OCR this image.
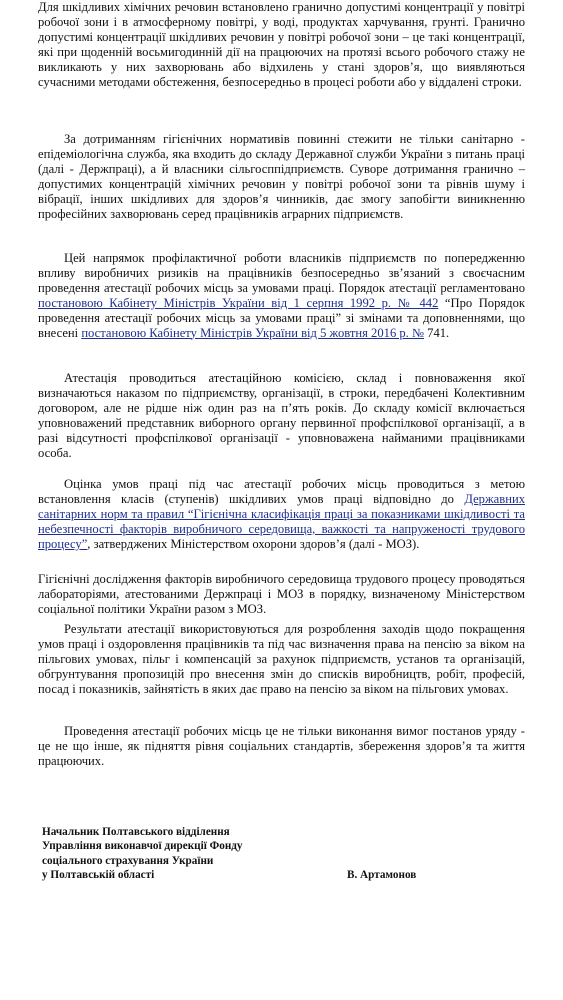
Для шкідливих хімічних речовин встановлено гранично допустимі концентрації у повітрі робочої зони і в атмосферному повітрі, у воді, продуктах харчування, грунті. Гранично допустимі концентрації шкідливих речовин у повітрі робочої зони – це такі концентрації, які при щоденній восьмигодинній дії на працюючих на протязі всього робочого стажу не викликають у них захворювань або відхилень у стані здоров’я, що виявляються сучасними методами обстеження, безпосередньо в процесі роботи або у віддалені строки.

За дотриманням гігієнічних нормативів повинні стежити не тільки санітарно - епідеміологічна служба, яка входить до складу Державної служби України з питань праці (далі - Держпраці), а й власники сільгосппідприємств. Суворе дотримання гранично – допустимих концентрацій хімічних речовин у повітрі робочої зони та рівнів шуму і вібрації, інших шкідливих для здоров’я чинників, дає змогу запобігти виникненню професійних захворювань серед працівників аграрних підприємств.

Цей напрямок профілактичної роботи власників підприємств по попередженню впливу виробничих ризиків на працівників безпосередньо зв’язаний з своєчасним проведення атестації робочих місць за умовами праці. Порядок атестації регламентовано постановою Кабінету Міністрів України від 1 серпня 1992 р. № 442 “Про Порядок проведення атестації робочих місць за умовами праці” зі змінами та доповненнями, що внесені постановою Кабінету Міністрів України від 5 жовтня 2016 р. № 741.

Атестація проводиться атестаційною комісією, склад і повноваження якої визначаються наказом по підприємству, організації, в строки, передбачені Колективним договором, але не рідше ніж один раз на п’ять років. До складу комісії включається уповноважений представник виборного органу первинної профспілкової організації, а в разі відсутності профспілкової організації - уповноважена найманими працівниками особа.

Оцінка умов праці під час атестації робочих місць проводиться з метою встановлення класів (ступенів) шкідливих умов праці відповідно до Державних санітарних норм та правил “Гігієнічна класифікація праці за показниками шкідливості та небезпечності факторів виробничого середовища, важкості та напруженості трудового процесу”, затверджених Міністерством охорони здоров’я (далі - МОЗ).

Гігієнічні дослідження факторів виробничого середовища трудового процесу проводяться лабораторіями, атестованими Держпраці і МОЗ в порядку, визначеному Міністерством соціальної політики України разом з МОЗ.

Результати атестації використовуються для розроблення заходів щодо покращення умов праці і оздоровлення працівників та під час визначення права на пенсію за віком на пільгових умовах, пільг і компенсацій за рахунок підприємств, установ та організацій, обгрунтування пропозицій про внесення змін до списків виробництв, робіт, професій, посад і показників, зайнятість в яких дає право на пенсію за віком на пільгових умовах.

Проведення атестації робочих місць це не тільки виконання вимог постанов уряду - це не що інше, як підняття рівня соціальних стандартів, збереження здоров’я та життя працюючих.

Начальник Полтавського відділення
Управління виконавчої дирекції Фонду
соціального страхування України
у Полтавській області	В. Артамонов
